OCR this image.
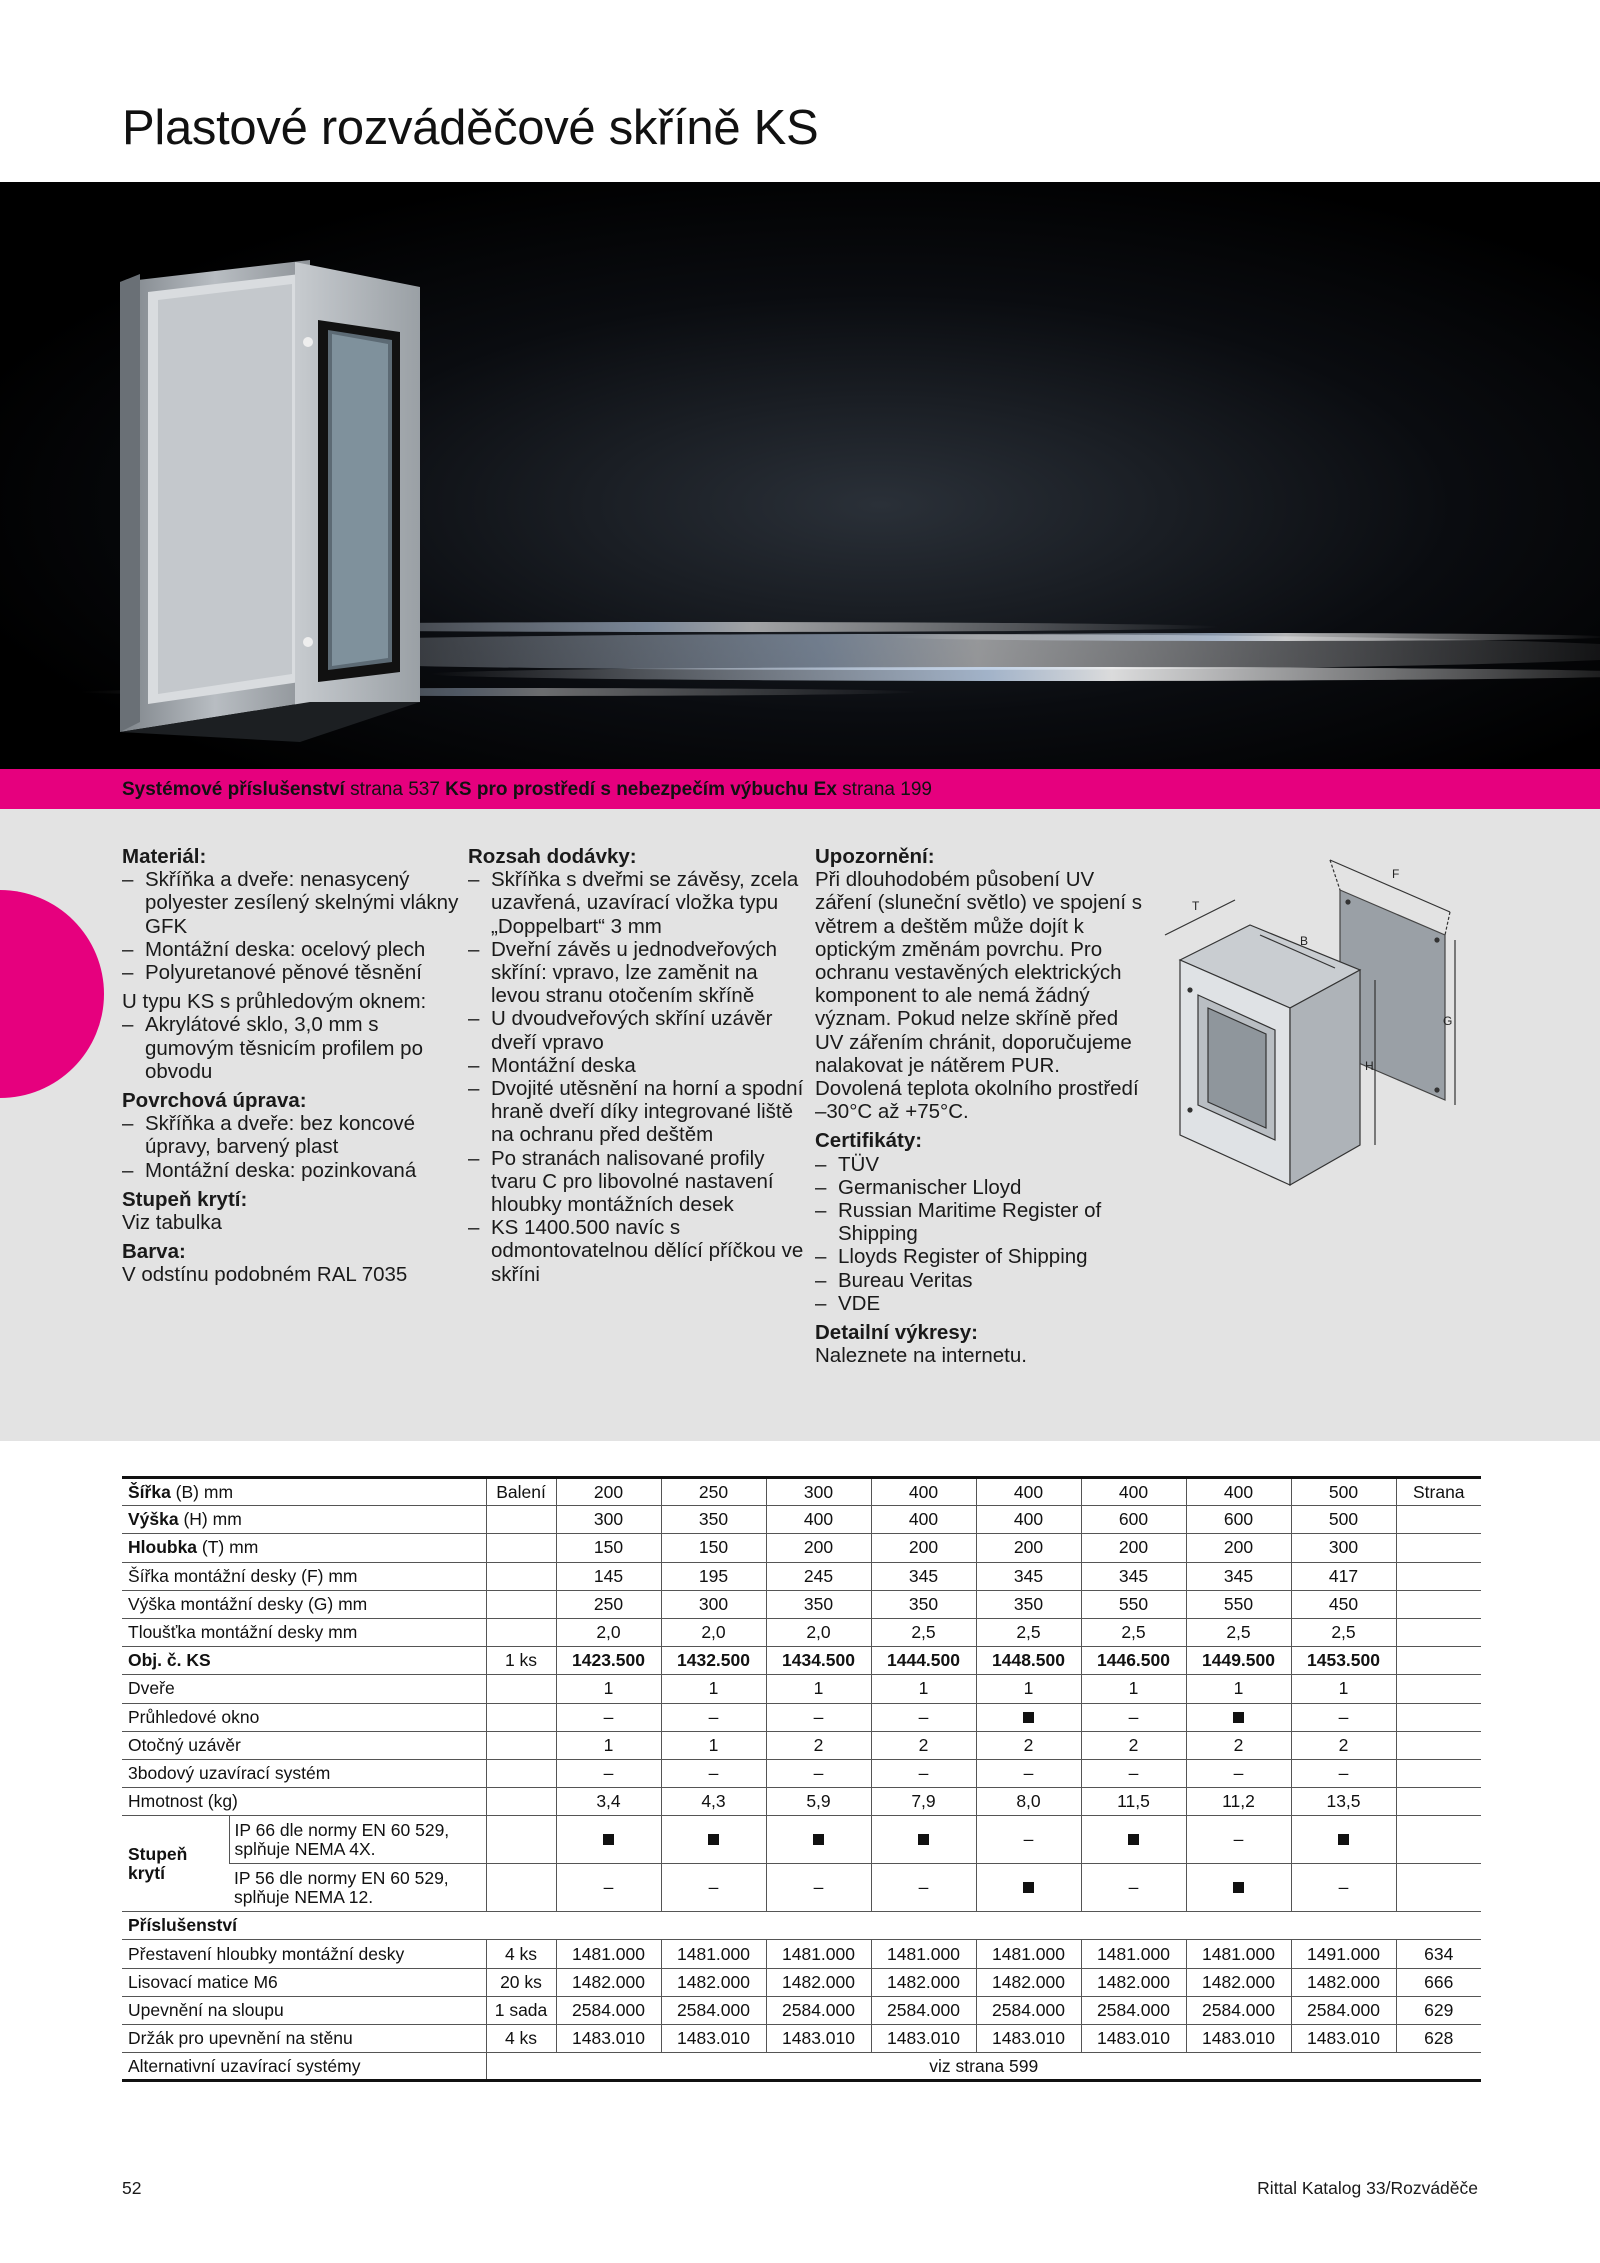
Plastové rozváděčové skříně KS
Systémové příslušenství strana 537 KS pro prostředí s nebezpečím výbuchu Ex strana 199
Materiál:
– Skříňka a dveře: nenasycený polyester zesílený skelnými vlákny GFK
– Montážní deska: ocelový plech
– Polyuretanové pěnové těsnění

U typu KS s průhledovým oknem:

– Akrylátové sklo, 3,0 mm s gumovým těsnicím profilem po obvodu
Povrchová úprava:
– Skříňka a dveře: bez koncové úpravy, barvený plast
– Montážní deska: pozinkovaná
Stupeň krytí:

Viz tabulka

Barva:

V odstínu podobném RAL 7035

Rozsah dodávky:
– Skříňka s dveřmi se závěsy, zcela uzavřená, uzavírací vložka typu „Doppelbart“ 3 mm
– Dveřní závěs u jednodveřových skříní: vpravo, lze zaměnit na levou stranu otočením skříně
– U dvoudveřových skříní uzávěr dveří vpravo
– Montážní deska
– Dvojité utěsnění na horní a spodní hraně dveří díky integrované liště na ochranu před deštěm
– Po stranách nalisované profily tvaru C pro libovolné nastavení hloubky montážních desek
– KS 1400.500 navíc s odmontovatelnou dělící příčkou ve skříni
Upozornění:

Při dlouhodobém působení UV záření (sluneční světlo) ve spojení s větrem a deštěm může dojít k optickým změnám povrchu. Pro ochranu vestavěných elektrických komponent to ale nemá žádný význam. Pokud nelze skříně před UV zářením chránit, doporučujeme nalakovat je nátěrem PUR.

Dovolená teplota okolního prostředí –30°C až +75°C.

Certifikáty:
– TÜV
– Germanischer Lloyd
– Russian Maritime Register of Shipping
– Lloyds Register of Shipping
– Bureau Veritas
– VDE
Detailní výkresy:

Naleznete na internetu.

F
T
B
G
H
Šířka (B) mm		Balení	200	250	300	400	400	400	400	500	Strana
Výška (H) mm			300	350	400	400	400	600	600	500	
Hloubka (T) mm			150	150	200	200	200	200	200	300	
Šířka montážní desky (F) mm			145	195	245	345	345	345	345	417	
Výška montážní desky (G) mm			250	300	350	350	350	550	550	450	
Tloušťka montážní desky mm			2,0	2,0	2,0	2,5	2,5	2,5	2,5	2,5	
Obj. č. KS		1 ks	1423.500	1432.500	1434.500	1444.500	1448.500	1446.500	1449.500	1453.500	
Dveře			1	1	1	1	1	1	1	1	
Průhledové okno			–	–	–	–		–		–	
Otočný uzávěr			1	1	2	2	2	2	2	2	
3bodový uzavírací systém			–	–	–	–	–	–	–	–	
Hmotnost (kg)			3,4	4,3	5,9	7,9	8,0	11,5	11,2	13,5	
Stupeň krytí	IP 66 dle normy EN 60 529, splňuje NEMA 4X.						–		–		
	IP 56 dle normy EN 60 529, splňuje NEMA 12.		–	–	–	–		–		–	
Příslušenství											
Přestavení hloubky montážní desky		4 ks	1481.000	1481.000	1481.000	1481.000	1481.000	1481.000	1481.000	1491.000	634
Lisovací matice M6		20 ks	1482.000	1482.000	1482.000	1482.000	1482.000	1482.000	1482.000	1482.000	666
Upevnění na sloupu		1 sada	2584.000	2584.000	2584.000	2584.000	2584.000	2584.000	2584.000	2584.000	629
Držák pro upevnění na stěnu		4 ks	1483.010	1483.010	1483.010	1483.010	1483.010	1483.010	1483.010	1483.010	628
Alternativní uzavírací systémy		viz strana 599									
52	Rittal Katalog 33/Rozváděče
